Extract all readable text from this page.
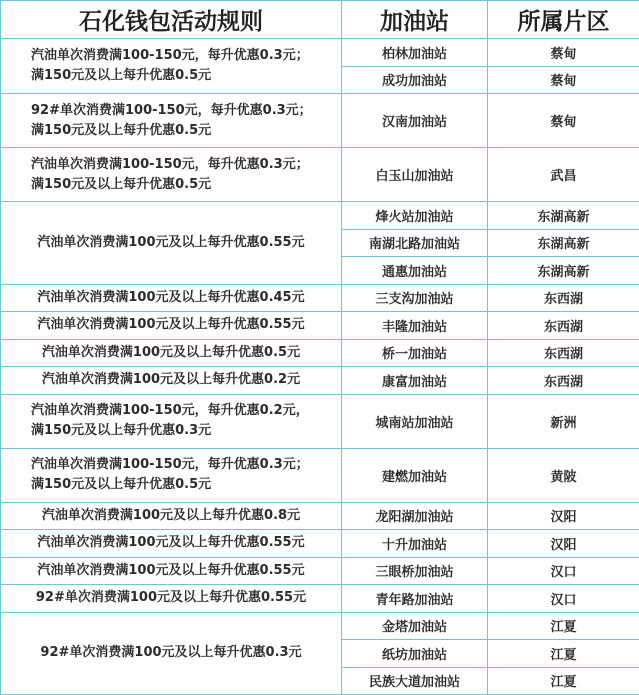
石化钱包活动规则	加油站	所属片区

汽油单次消费满100-150元，每升优惠0.3元；
满150元及以上每升优惠0.5元	柏林加油站	蔡甸
	成功加油站	蔡甸

92#单次消费满100-150元，每升优惠0.3元；
满150元及以上每升优惠0.5元	汉南加油站	蔡甸

汽油单次消费满100-150元，每升优惠0.3元；
满150元及以上每升优惠0.5元	白玉山加油站	武昌

汽油单次消费满100元及以上每升优惠0.55元	烽火站加油站	东湖高新
	南湖北路加油站	东湖高新
	通惠加油站	东湖高新

汽油单次消费满100元及以上每升优惠0.45元	三支沟加油站	东西湖

汽油单次消费满100元及以上每升优惠0.55元	丰隆加油站	东西湖

汽油单次消费满100元及以上每升优惠0.5元	桥一加油站	东西湖

汽油单次消费满100元及以上每升优惠0.2元	康富加油站	东西湖

汽油单次消费满100-150元，每升优惠0.2元，
满150元及以上每升优惠0.3元	城南站加油站	新洲

汽油单次消费满100-150元，每升优惠0.3元；
满150元及以上每升优惠0.5元	建燃加油站	黄陂

汽油单次消费满100元及以上每升优惠0.8元	龙阳湖加油站	汉阳

汽油单次消费满100元及以上每升优惠0.55元	十升加油站	汉阳

汽油单次消费满100元及以上每升优惠0.55元	三眼桥加油站	汉口

92#单次消费满100元及以上每升优惠0.55元	青年路加油站	汉口

92#单次消费满100元及以上每升优惠0.3元	金塔加油站	江夏
	纸坊加油站	江夏
	民族大道加油站	江夏
